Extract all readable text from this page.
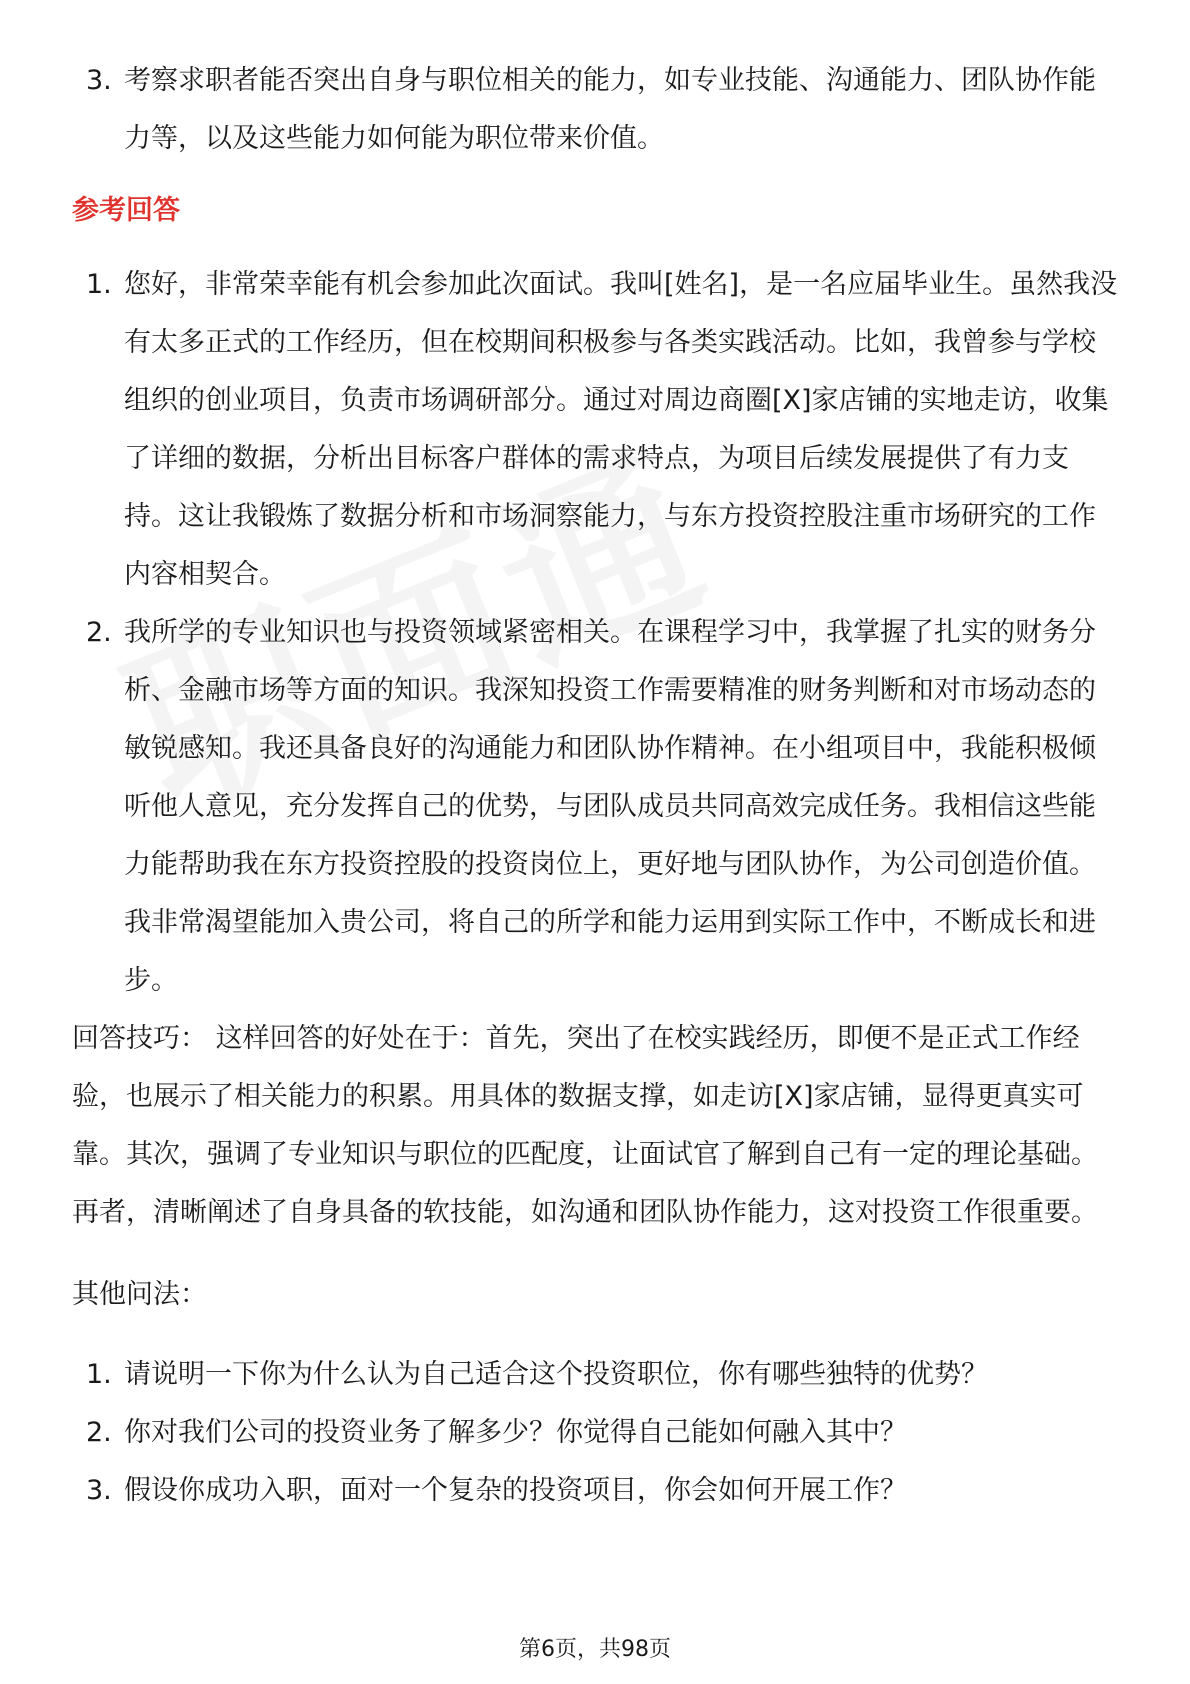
3. 考察求职者能否突出自身与职位相关的能力，如专业技能、沟通能力、团队协作能力等，以及这些能力如何能为职位带来价值。
参考回答
1. 您好，非常荣幸能有机会参加此次面试。我叫[姓名]，是一名应届毕业生。虽然我没有太多正式的工作经历，但在校期间积极参与各类实践活动。比如，我曾参与学校组织的创业项目，负责市场调研部分。通过对周边商圈[X]家店铺的实地走访，收集了详细的数据，分析出目标客户群体的需求特点，为项目后续发展提供了有力支持。这让我锻炼了数据分析和市场洞察能力，与东方投资控股注重市场研究的工作内容相契合。
2. 我所学的专业知识也与投资领域紧密相关。在课程学习中，我掌握了扎实的财务分析、金融市场等方面的知识。我深知投资工作需要精准的财务判断和对市场动态的敏锐感知。我还具备良好的沟通能力和团队协作精神。在小组项目中，我能积极倾听他人意见，充分发挥自己的优势，与团队成员共同高效完成任务。我相信这些能力能帮助我在东方投资控股的投资岗位上，更好地与团队协作，为公司创造价值。我非常渴望能加入贵公司，将自己的所学和能力运用到实际工作中，不断成长和进步。

回答技巧： 这样回答的好处在于：首先，突出了在校实践经历，即便不是正式工作经验，也展示了相关能力的积累。用具体的数据支撑，如走访[X]家店铺，显得更真实可靠。其次，强调了专业知识与职位的匹配度，让面试官了解到自己有一定的理论基础。再者，清晰阐述了自身具备的软技能，如沟通和团队协作能力，这对投资工作很重要。

其他问法：

1. 请说明一下你为什么认为自己适合这个投资职位，你有哪些独特的优势？
2. 你对我们公司的投资业务了解多少？你觉得自己能如何融入其中？
3. 假设你成功入职，面对一个复杂的投资项目，你会如何开展工作？
第6页，共98页
